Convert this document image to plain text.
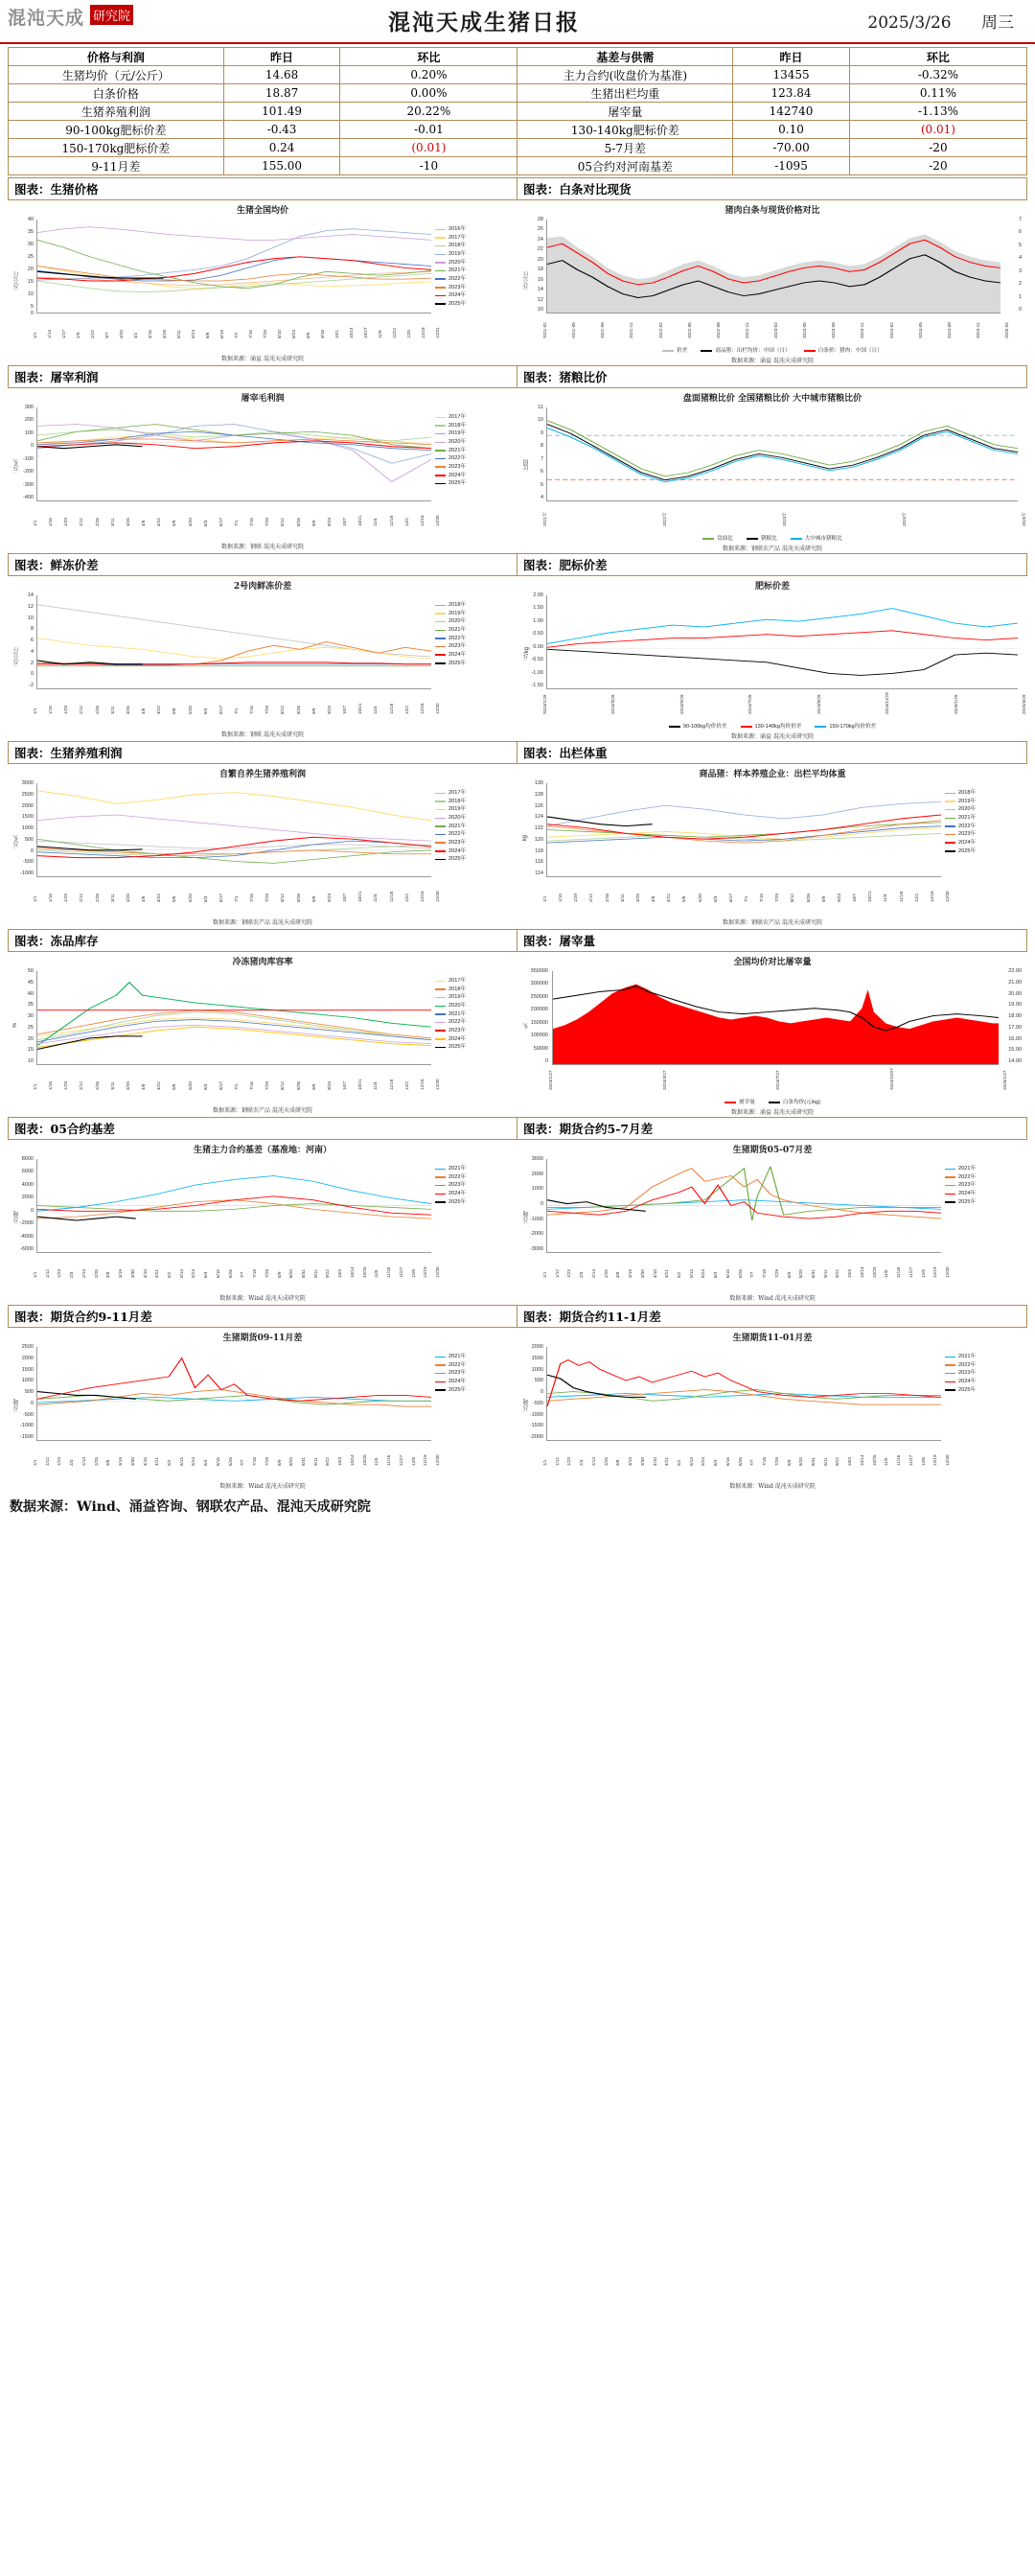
混沌天成 研究院	混沌天成生猪日报	2025/3/26 周三
价格与利润	昨日	环比	基差与供需	昨日	环比
生猪均价（元/公斤）	14.68	0.20%	主力合约(收盘价为基准)	13455	-0.32%
白条价格	18.87	0.00%	生猪出栏均重	123.84	0.11%
生猪养殖利润	101.49	20.22%	屠宰量	142740	-1.13%
90-100kg肥标价差	-0.43	-0.01	130-140kg肥标价差	0.10	(0.01)
150-170kg肥标价差	0.24	(0.01)	5-7月差	-70.00	-20
9-11月差	155.00	-10	05合约对河南基差	-1095	-20
图表：生猪价格	图表：白条对比现货
生猪全国均价
元/公斤
40
35
30
25
20
15
10
5
0
2016年
2017年
2018年
2019年
2020年
2021年
2022年
2023年
2024年
2025年
1/1 1/14 1/27 2/9 2/22 3/7 3/20 4/2 4/15 4/28 5/11 5/24 6/6 6/19 7/2 7/15 7/28 8/10 8/23 9/5 9/18 10/1 10/14 10/27 11/9 11/22 12/5 12/18 12/31
数据来源：涌益 混沌天成研究院
猪肉白条与现货价格对比
元/公斤
28
26
24
22
20
18
16
14
12
10
7
6
5
4
3
2
1
0
2021-02	2021-05	2021-08	2021-11	2022-02	2022-05	2022-08	2022-11	2023-02	2023-05	2023-08	2023-11	2024-02	2024-05	2024-08	2024-11	2025-02
价差	商品猪：出栏均价：中国（日）	白条价：猪肉：中国（日）
数据来源：涌益 混沌天成研究院
图表：屠宰利润	图表：猪粮比价
屠宰毛利润
元/头
300
200
100
0
-100
-200
-300
-400
2017年
2018年
2019年
2020年
2021年
2022年
2023年
2024年
2025年
1/1 1/15 1/29 2/12 2/26 3/11 3/25 4/8 4/22 5/6 5/20 6/3 6/17 7/1 7/15 7/29 8/12 8/26 9/9 9/23 10/7 10/21 11/4 11/18 12/2 12/16 12/30
数据来源：钢联 混沌天成研究院
盘面猪粮比价 全国猪粮比价 大中城市猪粮比价
比值
11
10
9
8
7
6
5
4
2021年	2022年	2023年	2024年	2025年
盘面比	猪粮比	大中城市猪粮比
数据来源：钢联农产品 混沌天成研究院
图表：鲜冻价差	图表：肥标价差
2号肉鲜冻价差
元/公斤
14
12
10
8
6
4
2
0
-2
2018年
2019年
2020年
2021年
2022年
2023年
2024年
2025年
1/1 1/15 1/29 2/12 2/26 3/11 3/25 4/8 4/22 5/6 5/20 6/3 6/17 7/1 7/15 7/29 8/12 8/26 9/9 9/23 10/7 10/21 11/4 11/18 12/2 12/16 12/30
数据来源：钢联 混沌天成研究院
肥标价差
元/kg
2.00
1.50
1.00
0.50
0.00
-0.50
-1.00
-1.50
2024/1/29	2024/3/29	2024/5/29	2024/7/29	2024/9/29	2024/11/29	2025/1/29	2025/3/29
90-100kg均价价差	130-140kg均价价差	150-170kg均价价差
数据来源：涌益 混沌天成研究院
图表：生猪养殖利润	图表：出栏体重
自繁自养生猪养殖利润
元/头
3000
2500
2000
1500
1000
500
0
-500
-1000
2017年
2018年
2019年
2020年
2021年
2022年
2023年
2024年
2025年
1/1 1/15 1/29 2/12 2/26 3/11 3/25 4/8 4/22 5/6 5/20 6/3 6/17 7/1 7/15 7/29 8/12 8/26 9/9 9/23 10/7 10/21 11/4 11/18 12/2 12/16 12/30
数据来源：钢联农产品 混沌天成研究院
商品猪：样本养殖企业：出栏平均体重
kg
130
128
126
124
122
120
118
116
114
2018年
2019年
2020年
2021年
2022年
2023年
2024年
2025年
1/1 1/15 1/29 2/12 2/26 3/11 3/25 4/8 4/22 5/6 5/20 6/3 6/17 7/1 7/15 7/29 8/12 8/26 9/9 9/23 10/7 10/21 11/4 11/18 12/2 12/16 12/30
数据来源：钢联农产品 混沌天成研究院
图表：冻品库存	图表：屠宰量
冷冻猪肉库容率
%
50
45
40
35
30
25
20
15
10
2017年
2018年
2019年
2020年
2021年
2022年
2023年
2024年
2025年
1/1 1/15 1/29 2/12 2/26 3/11 3/25 4/8 4/22 5/6 5/20 6/3 6/17 7/1 7/15 7/29 8/12 8/26 9/9 9/23 10/7 10/21 11/4 11/18 12/2 12/16 12/30
数据来源：钢联农产品 混沌天成研究院
全国均价对比屠宰量
头
350000
300000
250000
200000
150000
100000
50000
0
22.00
21.00
20.00
19.00
18.00
17.00
16.00
15.00
14.00
2024/1/27	2024/4/27	2024/7/27	2024/10/27	2025/1/27
屠宰量	白条均价(元/kg)
数据来源：涌益 混沌天成研究院
图表：05合约基差	图表：期货合约5-7月差
生猪主力合约基差（基准地：河南）
元/吨
8000
6000
4000
2000
0
-2000
-4000
-6000
2021年
2022年
2023年
2024年
2025年
1/1 1/12 1/23 2/3 2/14 2/25 3/8 3/19 3/30 4/10 4/21 5/2 5/13 5/24 6/4 6/15 6/26 7/7 7/18 7/29 8/9 8/20 8/31 9/11 9/22 10/3 10/14 10/25 11/5 11/16 11/27 12/8 12/19 12/30
数据来源：Wind 混沌天成研究院
生猪期货05-07月差
元/吨
3000
2000
1000
0
-1000
-2000
-3000
2021年
2022年
2023年
2024年
2025年
1/1 1/12 1/23 2/3 2/14 2/25 3/8 3/19 3/30 4/10 4/21 5/2 5/13 5/24 6/4 6/15 6/26 7/7 7/18 7/29 8/9 8/20 8/31 9/11 9/22 10/3 10/14 10/25 11/5 11/16 11/27 12/8 12/19 12/30
数据来源：Wind 混沌天成研究院
图表：期货合约9-11月差	图表：期货合约11-1月差
生猪期货09-11月差
元/吨
2500
2000
1500
1000
500
0
-500
-1000
-1500
2021年
2022年
2023年
2024年
2025年
1/1 1/12 1/23 2/3 2/14 2/25 3/8 3/19 3/30 4/10 4/21 5/2 5/13 5/24 6/4 6/15 6/26 7/7 7/18 7/29 8/9 8/20 8/31 9/11 9/22 10/3 10/14 10/25 11/5 11/16 11/27 12/8 12/19 12/30
数据来源：Wind 混沌天成研究院
生猪期货11-01月差
元/吨
2000
1500
1000
500
0
-500
-1000
-1500
-2000
2021年
2022年
2023年
2024年
2025年
1/1 1/12 1/23 2/3 2/14 2/25 3/8 3/19 3/30 4/10 4/21 5/2 5/13 5/24 6/4 6/15 6/26 7/7 7/18 7/29 8/9 8/20 8/31 9/11 9/22 10/3 10/14 10/25 11/5 11/16 11/27 12/8 12/19 12/30
数据来源：Wind 混沌天成研究院
数据来源：Wind、涌益咨询、钢联农产品、混沌天成研究院
